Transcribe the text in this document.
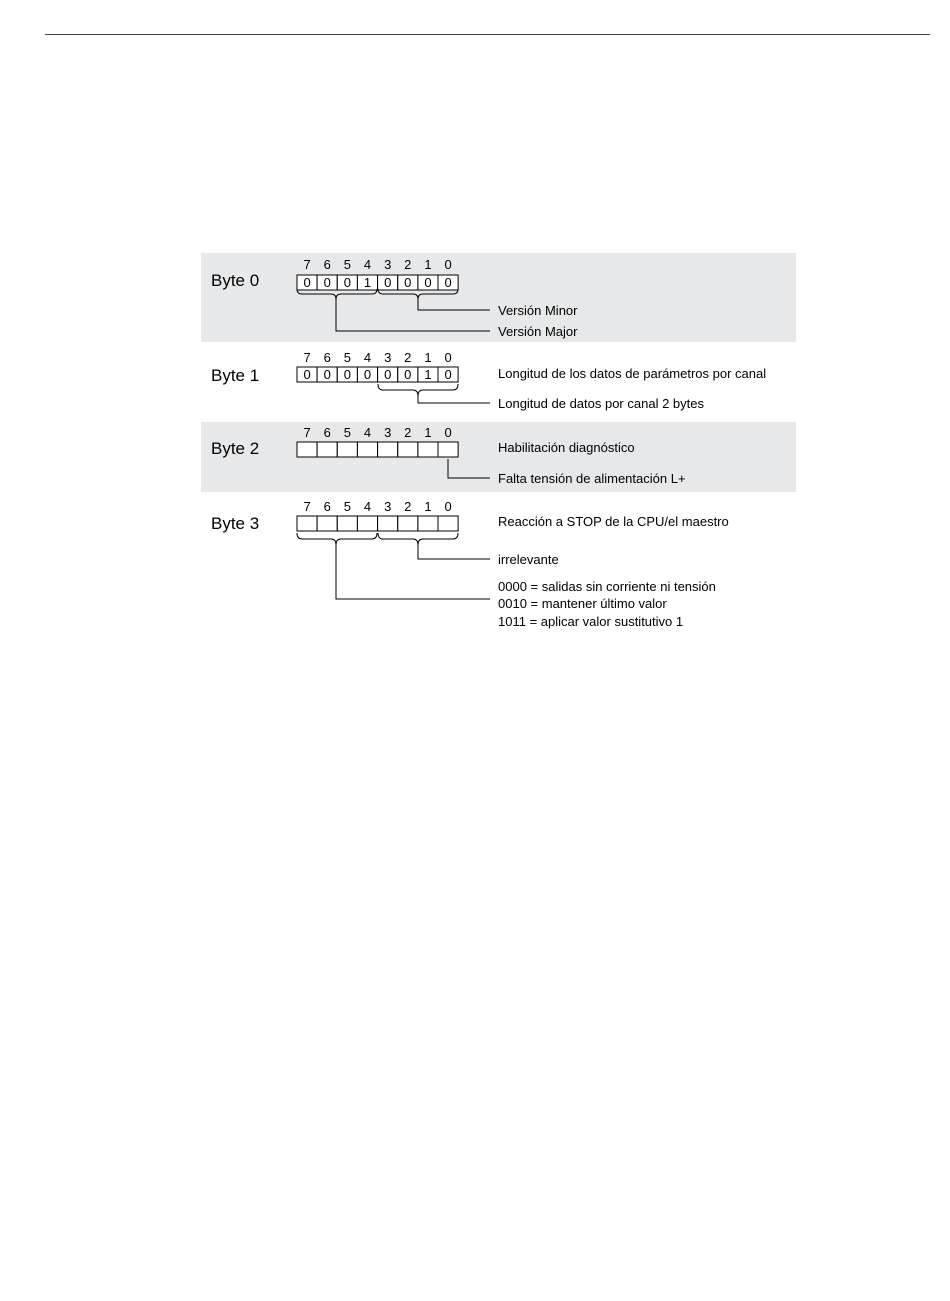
Byte 0
7 6 5 4 3 2 1 0
0 0 0 1 0 0 0 0
Versión Minor
Versión Major
Byte 1
7 6 5 4 3 2 1 0
0 0 0 0 0 0 1 0	Longitud de los datos de parámetros por canal
Longitud de datos por canal 2 bytes
Byte 2
7 6 5 4 3 2 1 0
Habilitación diagnóstico
Falta tensión de alimentación L+
Byte 3
7 6 5 4 3 2 1 0
Reacción a STOP de la CPU/el maestro
irrelevante
0000 = salidas sin corriente ni tensión
0010 = mantener último valor
1011 = aplicar valor sustitutivo 1
